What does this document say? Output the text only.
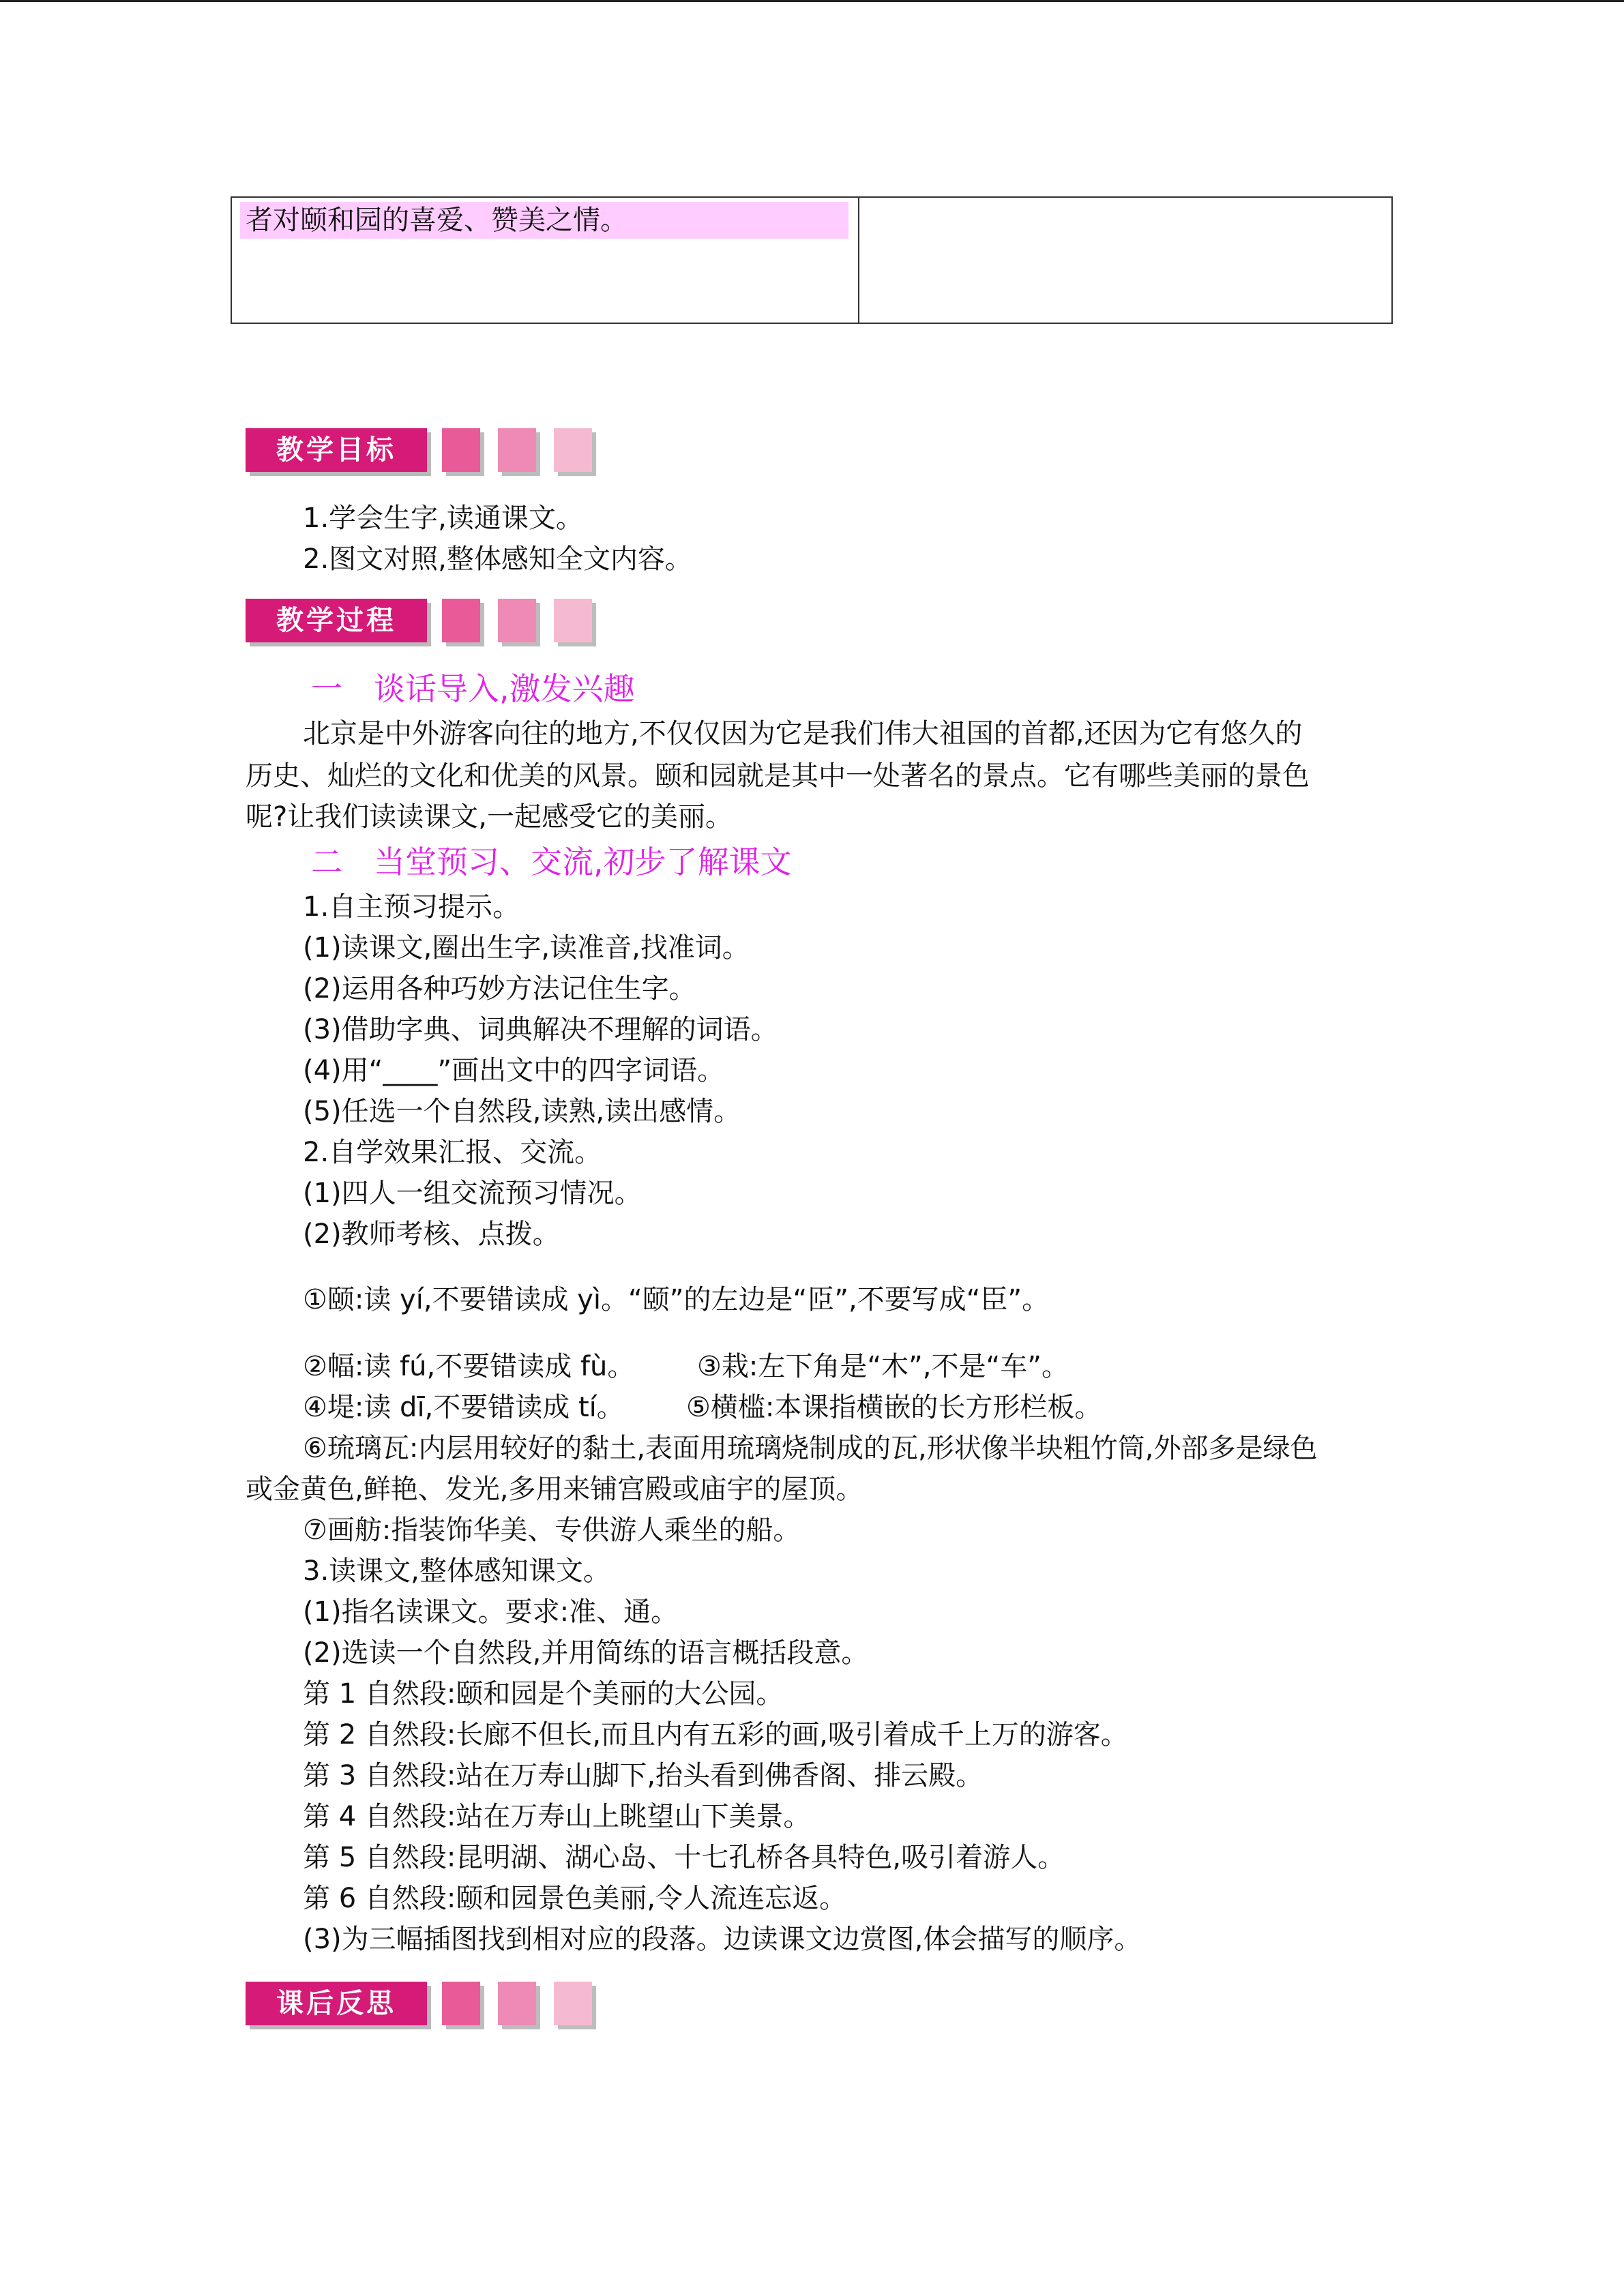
者对颐和园的喜爱、赞美之情。
教学目标
1.学会生字,读通课文。
2.图文对照,整体感知全文内容。
教学过程
一　谈话导入,激发兴趣
北京是中外游客向往的地方,不仅仅因为它是我们伟大祖国的首都,还因为它有悠久的
历史、灿烂的文化和优美的风景。颐和园就是其中一处著名的景点。它有哪些美丽的景色
呢?让我们读读课文,一起感受它的美丽。
二　当堂预习、交流,初步了解课文
1.自主预习提示。
(1)读课文,圈出生字,读准音,找准词。
(2)运用各种巧妙方法记住生字。
(3)借助字典、词典解决不理解的词语。
(4)用“____”画出文中的四字词语。
(5)任选一个自然段,读熟,读出感情。
2.自学效果汇报、交流。
(1)四人一组交流预习情况。
(2)教师考核、点拨。
①颐:读 yí,不要错读成 yì。“颐”的左边是“𦣝”,不要写成“臣”。
②幅:读 fú,不要错读成 fù。 ③栽:左下角是“木”,不是“车”。
④堤:读 dī,不要错读成 tí。 ⑤横槛:本课指横嵌的长方形栏板。
⑥琉璃瓦:内层用较好的黏土,表面用琉璃烧制成的瓦,形状像半块粗竹筒,外部多是绿色
或金黄色,鲜艳、发光,多用来铺宫殿或庙宇的屋顶。
⑦画舫:指装饰华美、专供游人乘坐的船。
3.读课文,整体感知课文。
(1)指名读课文。要求:准、通。
(2)选读一个自然段,并用简练的语言概括段意。
第 1 自然段:颐和园是个美丽的大公园。
第 2 自然段:长廊不但长,而且内有五彩的画,吸引着成千上万的游客。
第 3 自然段:站在万寿山脚下,抬头看到佛香阁、排云殿。
第 4 自然段:站在万寿山上眺望山下美景。
第 5 自然段:昆明湖、湖心岛、十七孔桥各具特色,吸引着游人。
第 6 自然段:颐和园景色美丽,令人流连忘返。
(3)为三幅插图找到相对应的段落。边读课文边赏图,体会描写的顺序。
课后反思
